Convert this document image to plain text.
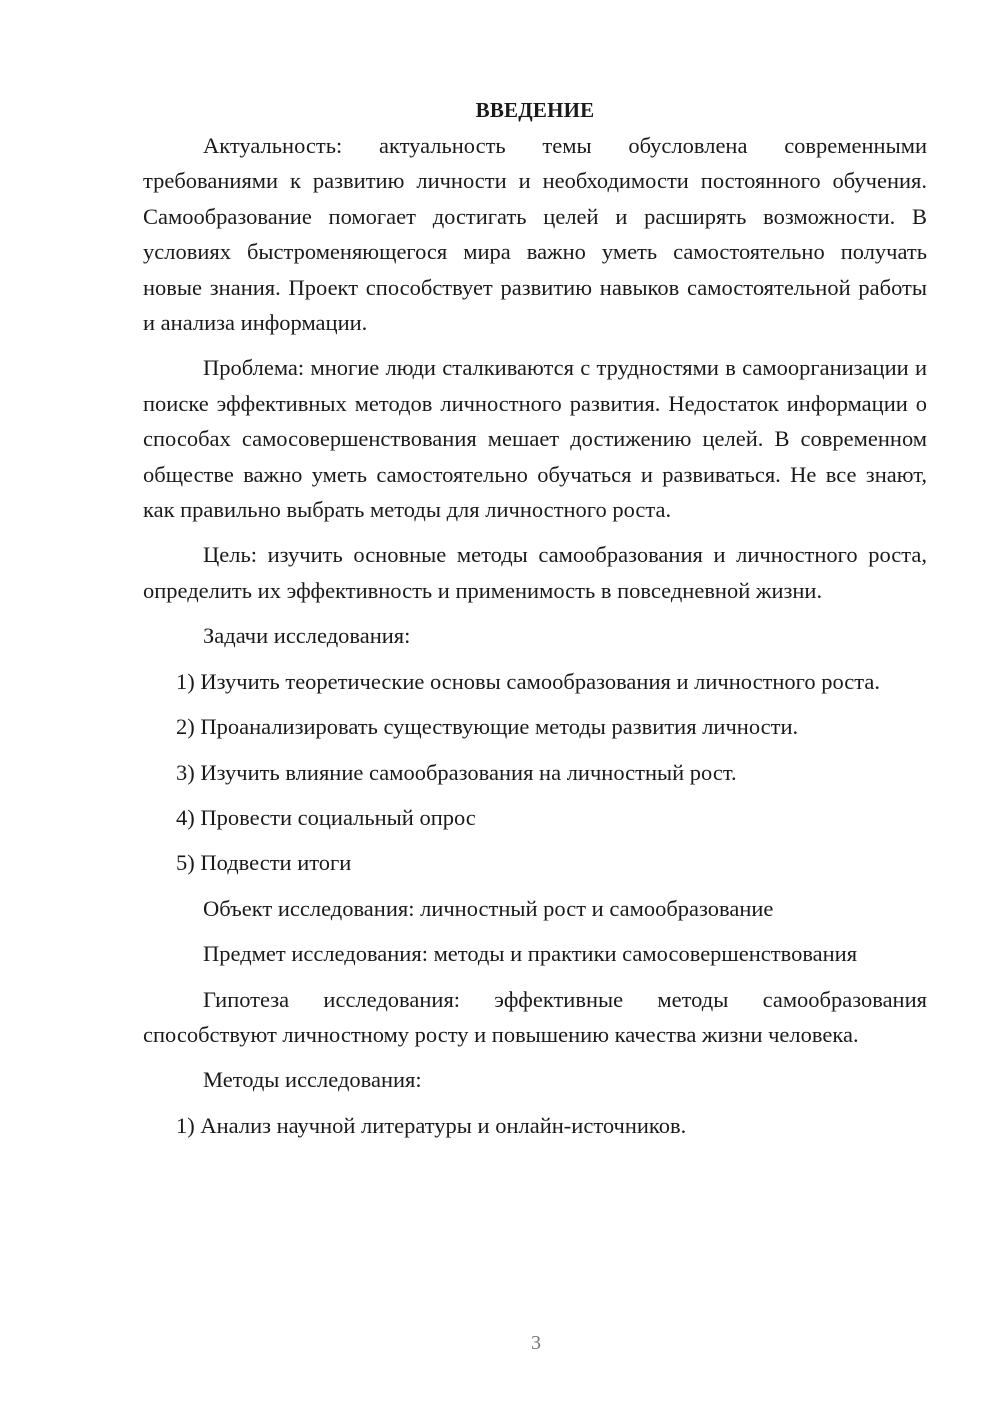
ВВЕДЕНИЕ

Актуальность: актуальность темы обусловлена современными требованиями к развитию личности и необходимости постоянного обучения. Самообразование помогает достигать целей и расширять возможности. В условиях быстроменяющегося мира важно уметь самостоятельно получать новые знания. Проект способствует развитию навыков самостоятельной работы и анализа информации.

Проблема: многие люди сталкиваются с трудностями в самоорганизации и поиске эффективных методов личностного развития. Недостаток информации о способах самосовершенствования мешает достижению целей. В современном обществе важно уметь самостоятельно обучаться и развиваться. Не все знают, как правильно выбрать методы для личностного роста.

Цель: изучить основные методы самообразования и личностного роста, определить их эффективность и применимость в повседневной жизни.

Задачи исследования:

1) Изучить теоретические основы самообразования и личностного роста.

2) Проанализировать существующие методы развития личности.

3) Изучить влияние самообразования на личностный рост.

4) Провести социальный опрос

5) Подвести итоги

Объект исследования: личностный рост и самообразование

Предмет исследования: методы и практики самосовершенствования

Гипотеза исследования: эффективные методы самообразования способствуют личностному росту и повышению качества жизни человека.

Методы исследования:

1) Анализ научной литературы и онлайн-источников.

3
